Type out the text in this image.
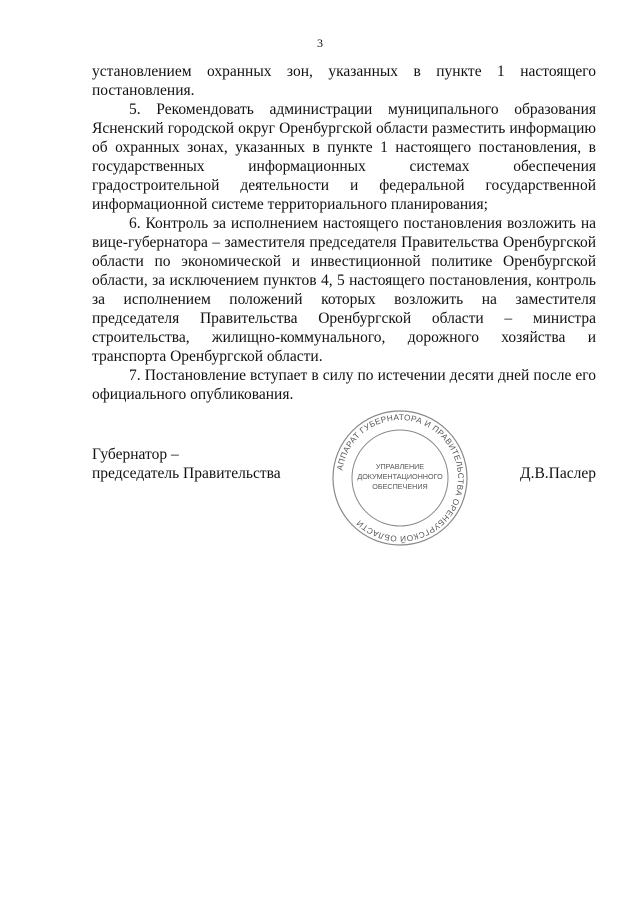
3

установлением охранных зон, указанных в пункте 1 настоящего постановления.

5. Рекомендовать администрации муниципального образования Ясненский городской округ Оренбургской области разместить информацию об охранных зонах, указанных в пункте 1 настоящего постановления, в государственных информационных системах обеспечения градостроительной деятельности и федеральной государственной информационной системе территориального планирования;

6. Контроль за исполнением настоящего постановления возложить на вице-губернатора – заместителя председателя Правительства Оренбургской области по экономической и инвестиционной политике Оренбургской области, за исключением пунктов 4, 5 настоящего постановления, контроль за исполнением положений которых возложить на заместителя председателя Правительства Оренбургской области – министра строительства, жилищно-коммунального, дорожного хозяйства и транспорта Оренбургской области.

7. Постановление вступает в силу по истечении десяти дней после его официального опубликования.

Губернатор –
председатель Правительства	АППАРАТ ГУБЕРНАТОРА И ПРАВИТЕЛЬСТВА ОРЕНБУРГСКОЙ ОБЛАСТИ
УПРАВЛЕНИЕ
ДОКУМЕНТАЦИОННОГО
ОБЕСПЕЧЕНИЯ
Д.В.Паслер
